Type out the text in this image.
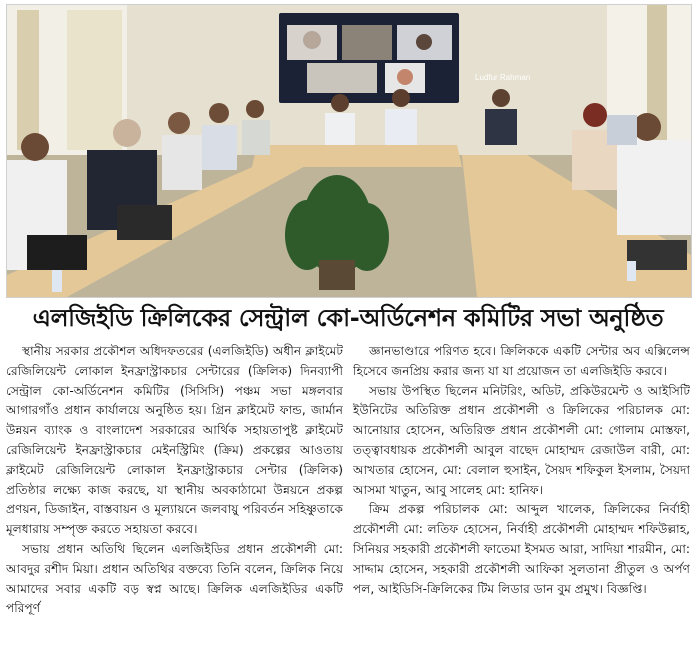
Ludfur Rahman
এলজিইডি ক্রিলিকের সেন্ট্রাল কো-অর্ডিনেশন কমিটির সভা অনুষ্ঠিত

স্থানীয় সরকার প্রকৌশল অধিদফতরের (এলজিইডি) অধীন ক্লাইমেট রেজিলিয়েন্ট লোকাল ইনফ্রাস্ট্রাকচার সেন্টারের (ক্রিলিক) দিনব্যাপী সেন্ট্রাল কো-অর্ডিনেশন কমিটির (সিসিসি) পঞ্চম সভা মঙ্গলবার আগারগাঁও প্রধান কার্যালয়ে অনুষ্ঠিত হয়। গ্রিন ক্লাইমেট ফান্ড, জার্মান উন্নয়ন ব্যাংক ও বাংলাদেশ সরকারের আর্থিক সহায়তাপুষ্ট ক্লাইমেট রেজিলিয়েন্ট ইনফ্রাস্ট্রাকচার মেইনস্ট্রিমিং (ক্রিম) প্রকল্পের আওতায় ক্লাইমেট রেজিলিয়েন্ট লোকাল ইনফ্রাস্ট্রাকচার সেন্টার (ক্রিলিক) প্রতিষ্ঠার লক্ষ্যে কাজ করছে, যা স্থানীয় অবকাঠামো উন্নয়নে প্রকল্প প্রণয়ন, ডিজাইন, বাস্তবায়ন ও মূল্যায়নে জলবায়ু পরিবর্তন সহিষ্ণুতাকে মূলধারায় সম্পৃক্ত করতে সহায়তা করবে।

সভায় প্রধান অতিথি ছিলেন এলজিইডির প্রধান প্রকৌশলী মো: আবদুর রশীদ মিয়া। প্রধান অতিথির বক্তব্যে তিনি বলেন, ক্রিলিক নিয়ে আমাদের সবার একটি বড় স্বপ্ন আছে। ক্রিলিক এলজিইডির একটি পরিপূর্ণ

জ্ঞানভাণ্ডারে পরিণত হবে। ক্রিলিককে একটি সেন্টার অব এক্সিলেন্স হিসেবে জনপ্রিয় করার জন্য যা যা প্রয়োজন তা এলজিইডি করবে।

সভায় উপস্থিত ছিলেন মনিটরিং, অডিট, প্রকিউরমেন্ট ও আইসিটি ইউনিটের অতিরিক্ত প্রধান প্রকৌশলী ও ক্রিলিকের পরিচালক মো: আনোয়ার হোসেন, অতিরিক্ত প্রধান প্রকৌশলী মো: গোলাম মোস্তফা, তত্ত্বাবধায়ক প্রকৌশলী আবুল বাছেদ মোহাম্মদ রেজাউল বারী, মো: আখতার হোসেন, মো: বেলাল হুসাইন, সৈয়দ শফিকুল ইসলাম, সৈয়দা আসমা খাতুন, আবু সালেহ মো: হানিফ।

ক্রিম প্রকল্প পরিচালক মো: আব্দুল খালেক, ক্রিলিকের নির্বাহী প্রকৌশলী মো: লতিফ হোসেন, নির্বাহী প্রকৌশলী মোহাম্মদ শফিউল্লাহ, সিনিয়র সহকারী প্রকৌশলী ফাতেমা ইসমত আরা, সাদিয়া শারমীন, মো: সাদ্দাম হোসেন, সহকারী প্রকৌশলী আফিকা সুলতানা প্রীতুল ও অর্পণ পল, আইডিসি-ক্রিলিকের টিম লিডার ডান বুম প্রমুখ। বিজ্ঞপ্তি।
